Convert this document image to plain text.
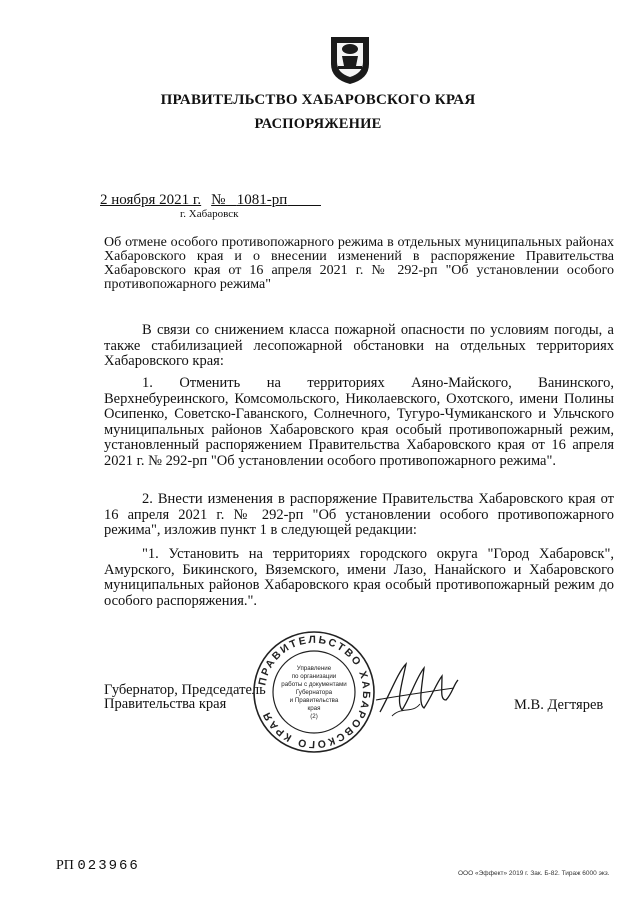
ПРАВИТЕЛЬСТВО ХАБАРОВСКОГО КРАЯ
РАСПОРЯЖЕНИЕ
2 ноября 2021 г. № 1081-рп
г. Хабаровск
Об отмене особого противопожарного режима в отдельных муниципальных районах Хабаровского края и о внесении изменений в распоряжение Правительства Хабаровского края от 16 апреля 2021 г. № 292-рп "Об установлении особого противопожарного режима"
В связи со снижением класса пожарной опасности по условиям погоды, а также стабилизацией лесопожарной обстановки на отдельных территориях Хабаровского края:
1. Отменить на территориях Аяно-Майского, Ванинского, Верхнебуреинского, Комсомольского, Николаевского, Охотского, имени Полины Осипенко, Советско-Гаванского, Солнечного, Тугуро-Чумиканского и Ульчского муниципальных районов Хабаровского края особый противопожарный режим, установленный распоряжением Правительства Хабаровского края от 16 апреля 2021 г. № 292-рп "Об установлении особого противопожарного режима".
2. Внести изменения в распоряжение Правительства Хабаровского края от 16 апреля 2021 г. № 292-рп "Об установлении особого противопожарного режима", изложив пункт 1 в следующей редакции:
"1. Установить на территориях городского округа "Город Хабаровск", Амурского, Бикинского, Вяземского, имени Лазо, Нанайского и Хабаровского муниципальных районов Хабаровского края особый противопожарный режим до особого распоряжения.".
Губернатор, Председатель
Правительства края
ПРАВИТЕЛЬСТВО ХАБАРОВСКОГО КРАЯ
Управление
по организации
работы с документами
Губернатора
и Правительства
края
(2)
М.В. Дегтярев
РП 023966	ООО «Эффект» 2019 г. Зак. Б-82. Тираж 6000 экз.
